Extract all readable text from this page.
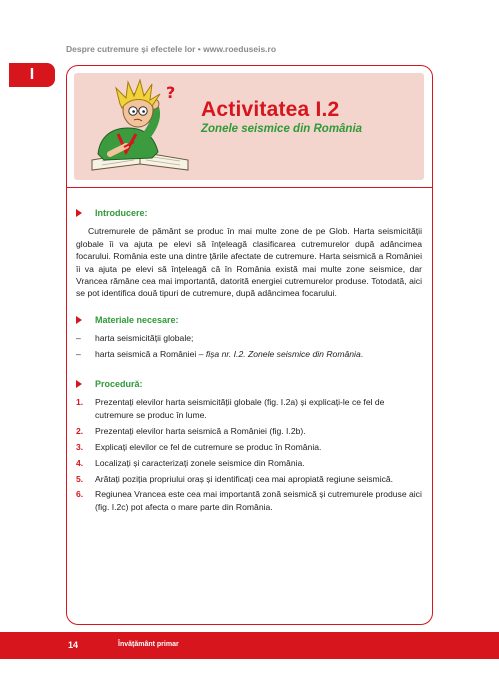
Despre cutremure și efectele lor • www.roeduseis.ro
I
?
Activitatea I.2
Zonele seismice din România
Introducere:

Cutremurele de pământ se produc în mai multe zone de pe Glob. Harta seismicității globale îi va ajuta pe elevi să înțeleagă clasificarea cutremurelor după adâncimea focarului. România este una dintre țările afectate de cutremure. Harta seismică a României îi va ajuta pe elevi să înțeleagă că în România există mai multe zone seismice, dar Vrancea rămâne cea mai importantă, datorită energiei cutremurelor produse. Totodată, aici se pot identifica două tipuri de cutremure, după adâncimea focarului.

Materiale necesare:
–	harta seismicității globale;
–	harta seismică a României – fișa nr. I.2. Zonele seismice din România.
Procedură:
1.	Prezentați elevilor harta seismicității globale (fig. I.2a) și explicați-le ce fel de cutremure se produc în lume.
2.	Prezentați elevilor harta seismică a României (fig. I.2b).
3.	Explicați elevilor ce fel de cutremure se produc în România.
4.	Localizați și caracterizați zonele seismice din România.
5.	Arătați poziția propriului oraș și identificați cea mai apropiată regiune seismică.
6.	Regiunea Vrancea este cea mai importantă zonă seismică și cutremurele produse aici (fig. I.2c) pot afecta o mare parte din România.
14	Învățământ primar
